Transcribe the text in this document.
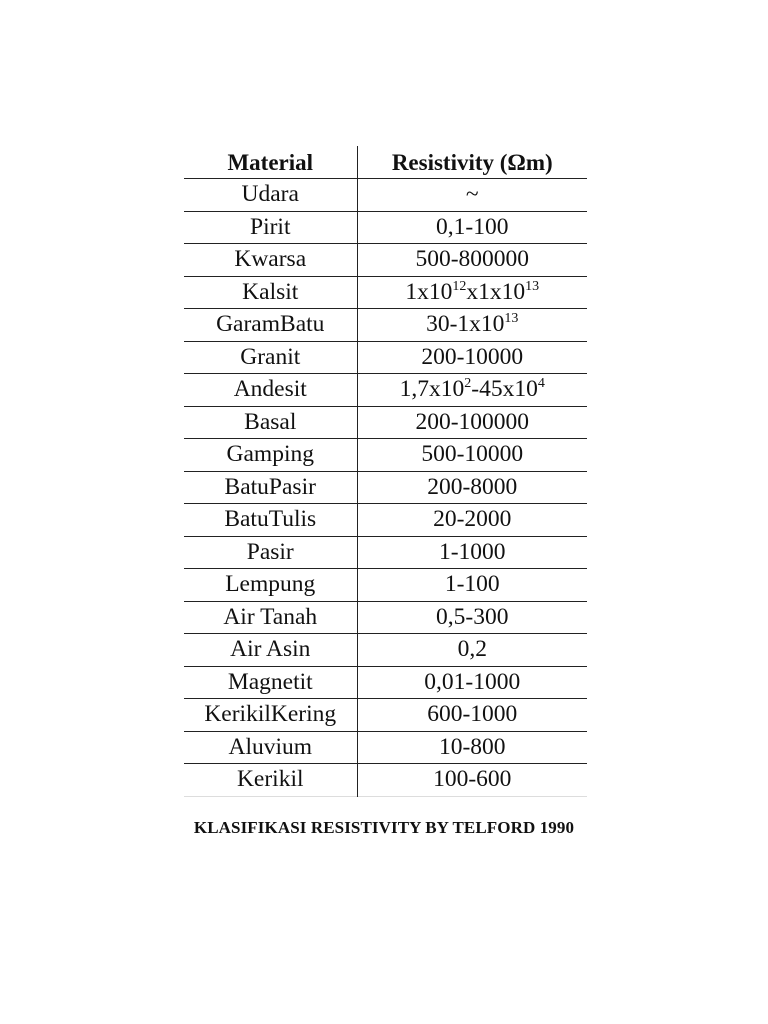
Material	Resistivity (Ωm)
Udara	~
Pirit	0,1-100
Kwarsa	500-800000
Kalsit	$1x10^{12}x1x10^{13}$
GaramBatu	$30-1x10^{13}$
Granit	200-10000
Andesit	$1,7x10^2-45x10^4$
Basal	200-100000
Gamping	500-10000
BatuPasir	200-8000
BatuTulis	20-2000
Pasir	1-1000
Lempung	1-100
Air Tanah	0,5-300
Air Asin	0,2
Magnetit	0,01-1000
KerikilKering	600-1000
Aluvium	10-800
Kerikil	100-600
KLASIFIKASI RESISTIVITY BY TELFORD 1990
